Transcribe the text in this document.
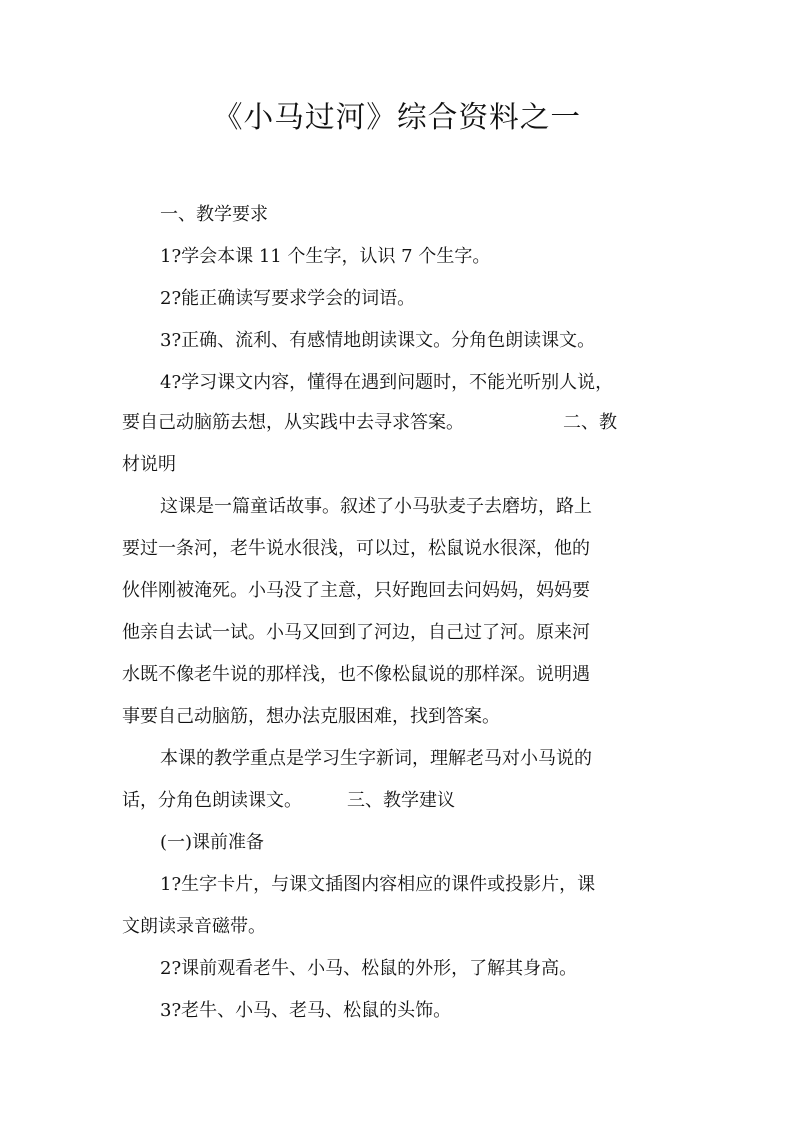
《小马过河》综合资料之一
一、教学要求
1?学会本课 11 个生字，认识 7 个生字。
2?能正确读写要求学会的词语。
3?正确、流利、有感情地朗读课文。分角色朗读课文。
4?学习课文内容，懂得在遇到问题时，不能光听别人说，
要自己动脑筋去想，从实践中去寻求答案。　　　　　　二、教
材说明
这课是一篇童话故事。叙述了小马驮麦子去磨坊，路上
要过一条河，老牛说水很浅，可以过，松鼠说水很深，他的
伙伴刚被淹死。小马没了主意，只好跑回去问妈妈，妈妈要
他亲自去试一试。小马又回到了河边，自己过了河。原来河
水既不像老牛说的那样浅，也不像松鼠说的那样深。说明遇
事要自己动脑筋，想办法克服困难，找到答案。
本课的教学重点是学习生字新词，理解老马对小马说的
话，分角色朗读课文。　　　三、教学建议
(一)课前准备
1?生字卡片，与课文插图内容相应的课件或投影片，课
文朗读录音磁带。
2?课前观看老牛、小马、松鼠的外形，了解其身高。
3?老牛、小马、老马、松鼠的头饰。
